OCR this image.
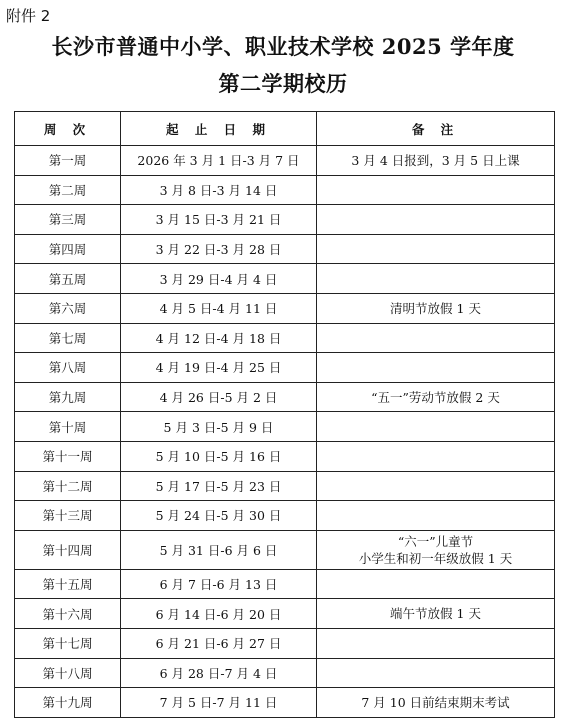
附件 2
长沙市普通中小学、职业技术学校 2025 学年度
第二学期校历
周 次	起 止 日 期	备 注
第一周	2026 年 3 月 1 日-3 月 7 日	3 月 4 日报到，3 月 5 日上课

第二周	3 月 8 日-3 月 14 日	
第三周	3 月 15 日-3 月 21 日	
第四周	3 月 22 日-3 月 28 日	
第五周	3 月 29 日-4 月 4 日	
第六周	4 月 5 日-4 月 11 日	清明节放假 1 天

第七周	4 月 12 日-4 月 18 日	
第八周	4 月 19 日-4 月 25 日	
第九周	4 月 26 日-5 月 2 日	“五一”劳动节放假 2 天

第十周	5 月 3 日-5 月 9 日	
第十一周	5 月 10 日-5 月 16 日	
第十二周	5 月 17 日-5 月 23 日	
第十三周	5 月 24 日-5 月 30 日	
第十四周	5 月 31 日-6 月 6 日	“六一”儿童节
小学生和初一年级放假 1 天

第十五周	6 月 7 日-6 月 13 日	
第十六周	6 月 14 日-6 月 20 日	端午节放假 1 天

第十七周	6 月 21 日-6 月 27 日	
第十八周	6 月 28 日-7 月 4 日	
第十九周	7 月 5 日-7 月 11 日	7 月 10 日前结束期末考试
